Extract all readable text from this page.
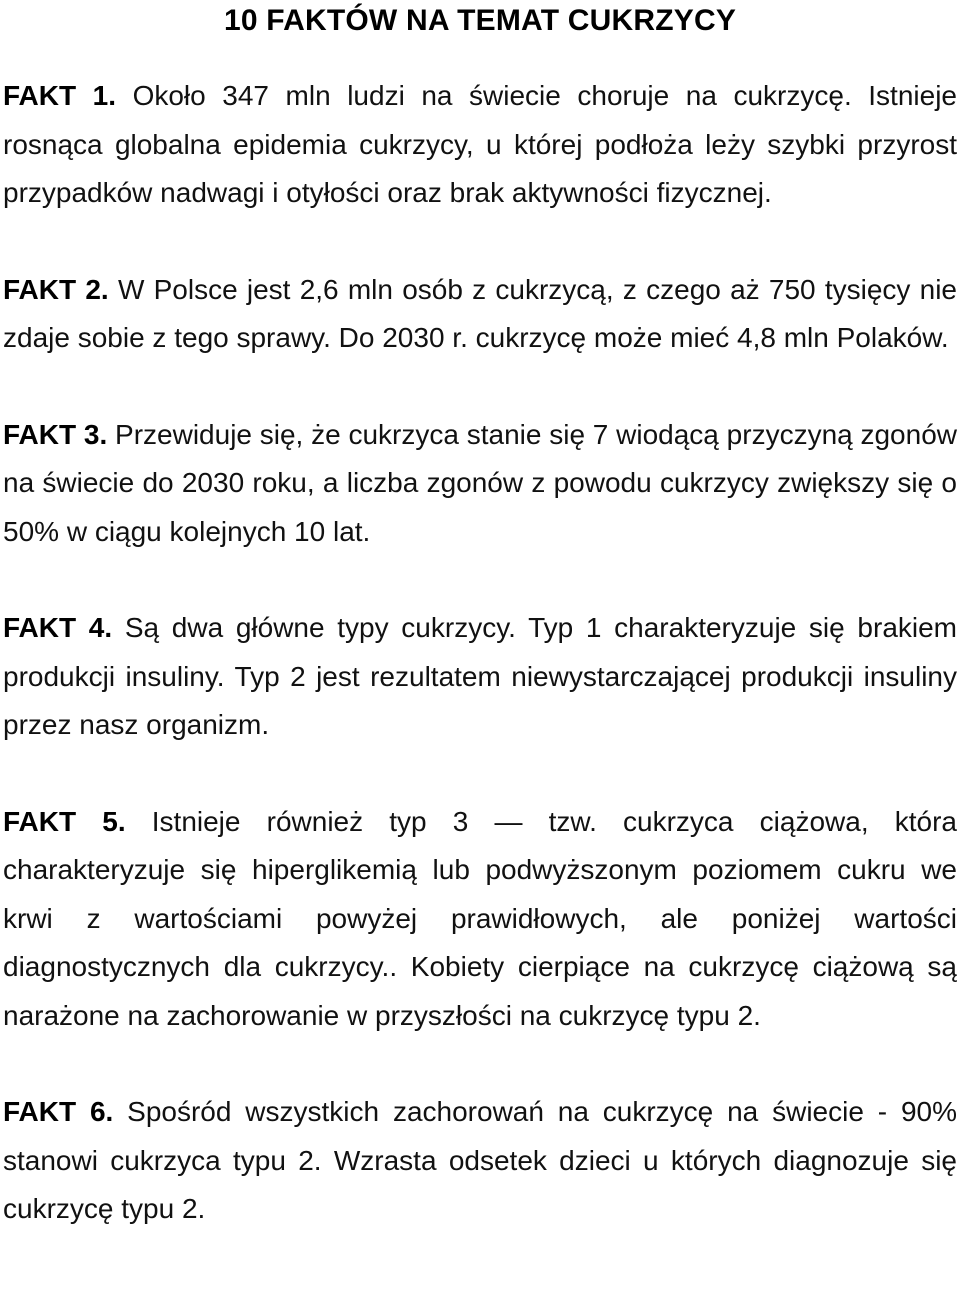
10 FAKTÓW NA TEMAT CUKRZYCY

FAKT 1. Około 347 mln ludzi na świecie choruje na cukrzycę. Istnieje rosnąca globalna epidemia cukrzycy, u której podłoża leży szybki przyrost przypadków nadwagi i otyłości oraz brak aktywności fizycznej.

FAKT 2. W Polsce jest 2,6 mln osób z cukrzycą, z czego aż 750 tysięcy nie zdaje sobie z tego sprawy. Do 2030 r. cukrzycę może mieć 4,8 mln Polaków.

FAKT 3. Przewiduje się, że cukrzyca stanie się 7 wiodącą przyczyną zgonów na świecie do 2030 roku, a liczba zgonów z powodu cukrzycy zwiększy się o 50% w ciągu kolejnych 10 lat.

FAKT 4. Są dwa główne typy cukrzycy. Typ 1 charakteryzuje się brakiem produkcji insuliny. Typ 2 jest rezultatem niewystarczającej produkcji insuliny przez nasz organizm.

FAKT 5. Istnieje również typ 3 — tzw. cukrzyca ciążowa, która charakteryzuje się hiperglikemią lub podwyższonym poziomem cukru we krwi z wartościami powyżej prawidłowych, ale poniżej wartości diagnostycznych dla cukrzycy.. Kobiety cierpiące na cukrzycę ciążową są narażone na zachorowanie w przyszłości na cukrzycę typu 2.

FAKT 6. Spośród wszystkich zachorowań na cukrzycę na świecie - 90% stanowi cukrzyca typu 2. Wzrasta odsetek dzieci u których diagnozuje się cukrzycę typu 2.
